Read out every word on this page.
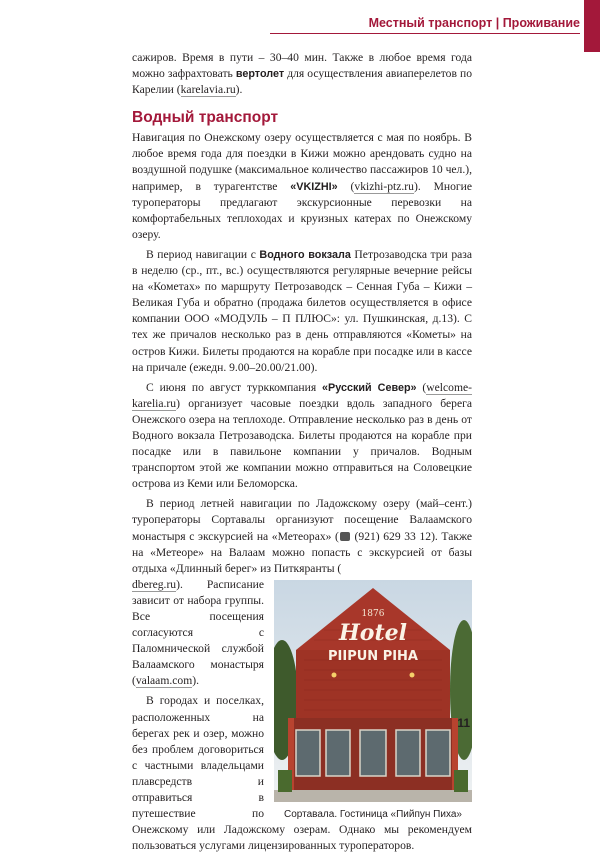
Местный транспорт | Проживание

сажиров. Время в пути – 30–40 мин. Также в любое время года можно зафрахтовать вертолет для осуществления авиаперелетов по Карелии (karelavia.ru).

Водный транспорт

Навигация по Онежскому озеру осуществляется с мая по ноябрь. В любое время года для поездки в Кижи можно арендовать судно на воздушной подушке (максимальное количество пассажиров 10 чел.), например, в турагентстве «VKIZHI» (vkizhi-ptz.ru). Многие туроператоры предлагают экскурсионные перевозки на комфортабельных теплоходах и круизных катерах по Онежскому озеру.

В период навигации с Водного вокзала Петрозаводска три раза в неделю (ср., пт., вс.) осуществляются регулярные вечерние рейсы на «Кометах» по маршруту Петрозаводск – Сенная Губа – Кижи – Великая Губа и обратно (продажа билетов осуществляется в офисе компании ООО «МОДУЛЬ – П ПЛЮС»: ул. Пушкинская, д.13). С тех же причалов несколько раз в день отправляются «Кометы» на остров Кижи. Билеты продаются на корабле при посадке или в кассе на причале (ежедн. 9.00–20.00/21.00).

С июня по август турккомпания «Русский Север» (welcome-karelia.ru) организует часовые поездки вдоль западного берега Онежского озера на теплоходе. Отправление несколько раз в день от Водного вокзала Петрозаводска. Билеты продаются на корабле при посадке или в павильоне компании у причалов. Водным транспортом этой же компании можно отправиться на Соловецкие острова из Кеми или Беломорска.

В период летней навигации по Ладожскому озеру (май–сент.) туроператоры Сортавалы организуют посещение Валаамского монастыря с экскурсией на «Метеорах» ( (921) 629 33 12). Также на «Метеоре» на Валаам можно попасть с экскурсией от базы отдыха «Длинный берег» из Питкяранты (

1876
Hotel
PIIPUN PIHA
Сортавала. Гостиница «Пийпун Пиха»

dbereg.ru). Расписание зависит от набора группы. Все посещения согласуются с Паломнической службой Валаамского монастыря (valaam.com).

В городах и поселках, расположенных на берегах рек и озер, можно без проблем договориться с частными владельцами плавсредств и отправиться в путешествие по Онежскому или Ладожскому озерам. Однако мы рекомендуем пользоваться услугами лицензированных туроператоров.

11
